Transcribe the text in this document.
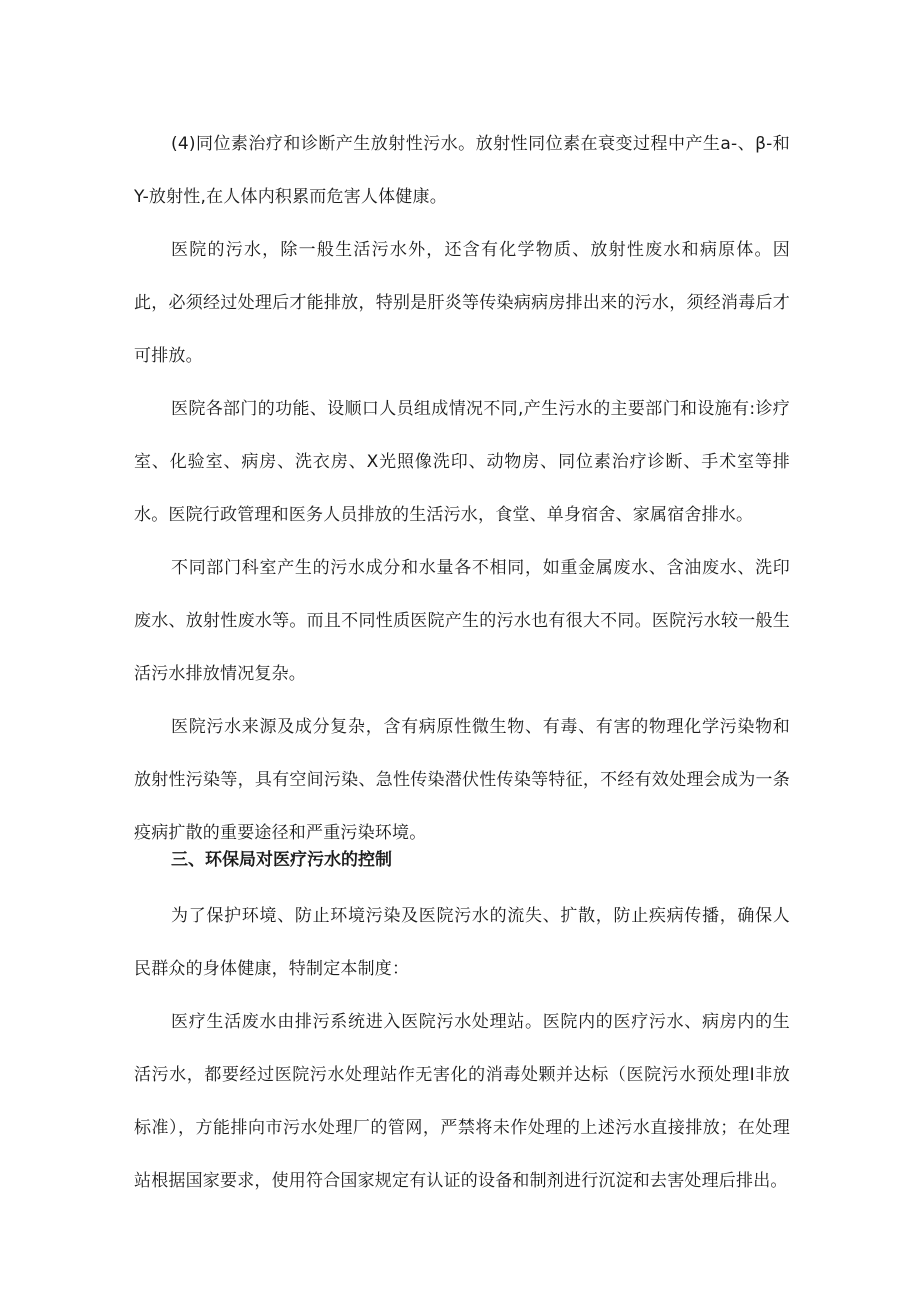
(4)同位素治疗和诊断产生放射性污水。放射性同位素在衰变过程中产生a-、β-和Y-放射性,在人体内积累而危害人体健康。

医院的污水，除一般生活污水外，还含有化学物质、放射性废水和病原体。因此，必须经过处理后才能排放，特别是肝炎等传染病病房排出来的污水，须经消毒后才可排放。

医院各部门的功能、设顺口人员组成情况不同,产生污水的主要部门和设施有:诊疗室、化验室、病房、洗衣房、X光照像洗印、动物房、同位素治疗诊断、手术室等排水。医院行政管理和医务人员排放的生活污水，食堂、单身宿舍、家属宿舍排水。

不同部门科室产生的污水成分和水量各不相同，如重金属废水、含油废水、洗印废水、放射性废水等。而且不同性质医院产生的污水也有很大不同。医院污水较一般生活污水排放情况复杂。

医院污水来源及成分复杂，含有病原性微生物、有毒、有害的物理化学污染物和放射性污染等，具有空间污染、急性传染潜伏性传染等特征，不经有效处理会成为一条疫病扩散的重要途径和严重污染环境。

三、环保局对医疗污水的控制

为了保护环境、防止环境污染及医院污水的流失、扩散，防止疾病传播，确保人民群众的身体健康，特制定本制度：

医疗生活废水由排污系统进入医院污水处理站。医院内的医疗污水、病房内的生活污水，都要经过医院污水处理站作无害化的消毒处颗并达标（医院污水预处理Ⅰ非放标准），方能排向市污水处理厂的管网，严禁将未作处理的上述污水直接排放；在处理站根据国家要求，使用符合国家规定有认证的设备和制剂进行沉淀和去害处理后排出。
